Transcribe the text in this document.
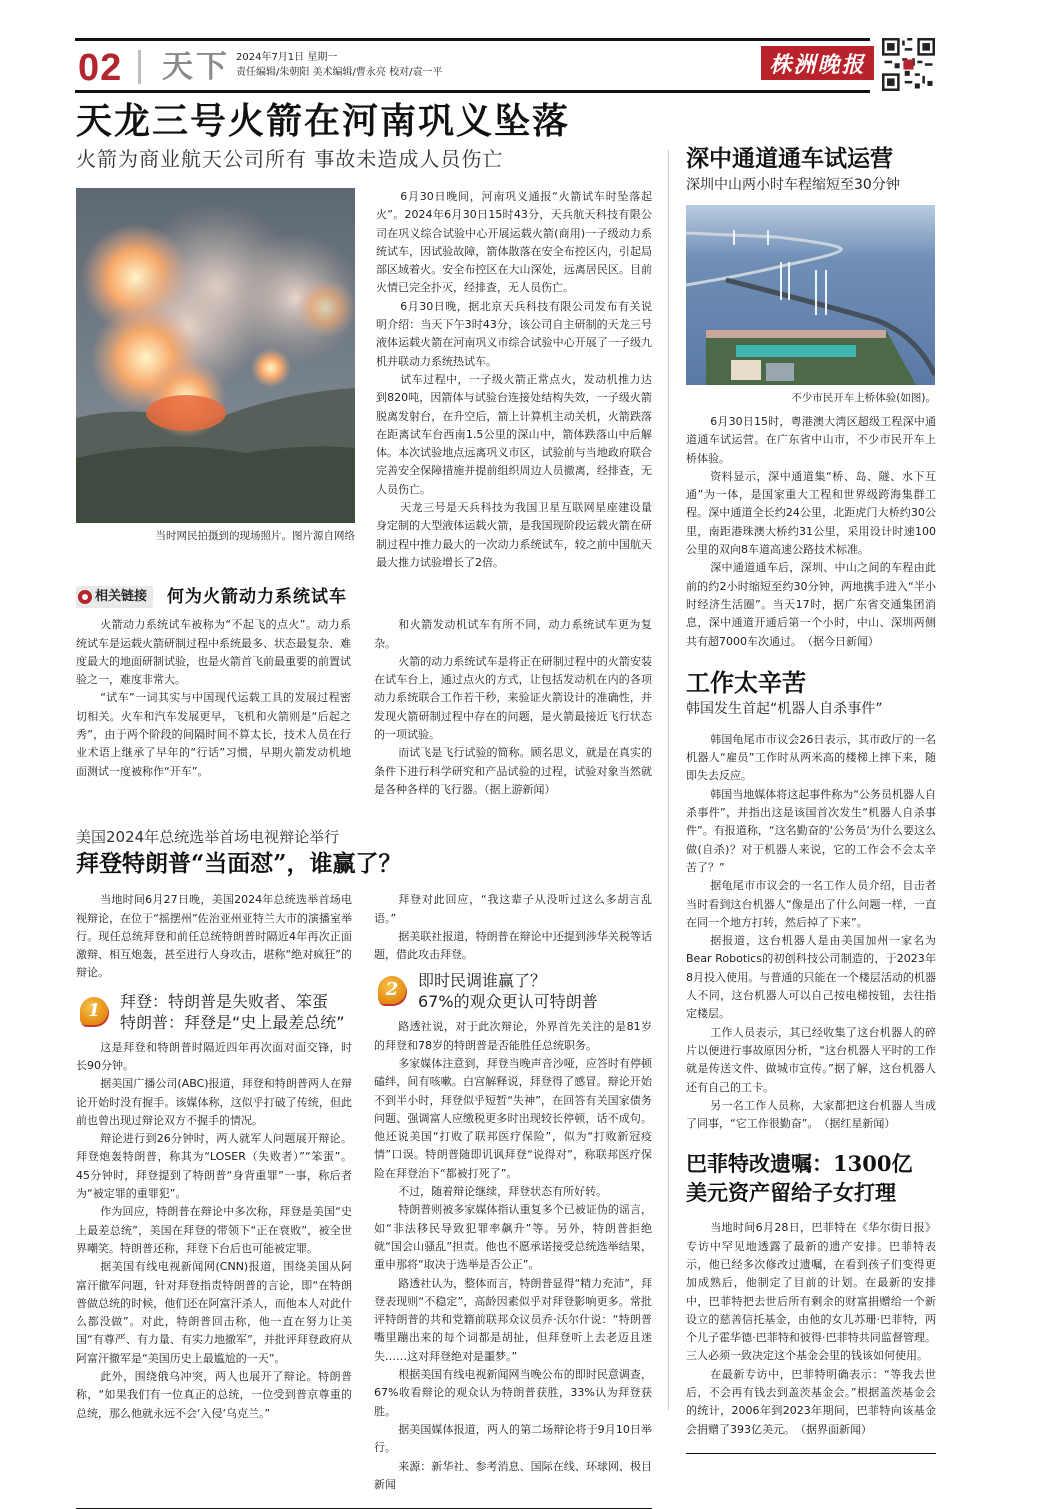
02 天下 2024年7月1日 星期一
责任编辑/朱朝阳 美术编辑/曹永亮 校对/袁一平	株洲晚报
天龙三号火箭在河南巩义坠落
火箭为商业航天公司所有 事故未造成人员伤亡
当时网民拍摄到的现场照片。图片源自网络

6月30日晚间，河南巩义通报“火箭试车时坠落起火”。2024年6月30日15时43分，天兵航天科技有限公司在巩义综合试验中心开展运载火箭(商用)一子级动力系统试车，因试验故障，箭体散落在安全布控区内，引起局部区域着火。安全布控区在大山深处，远离居民区。目前火情已完全扑灭，经排查，无人员伤亡。

6月30日晚，据北京天兵科技有限公司发布有关说明介绍：当天下午3时43分，该公司自主研制的天龙三号液体运载火箭在河南巩义市综合试验中心开展了一子级九机并联动力系统热试车。

试车过程中，一子级火箭正常点火，发动机推力达到820吨，因箭体与试验台连接处结构失效，一子级火箭脱离发射台，在升空后，箭上计算机主动关机，火箭跌落在距离试车台西南1.5公里的深山中，箭体跌落山中后解体。本次试验地点远离巩义市区，试验前与当地政府联合完善安全保障措施并提前组织周边人员撤离，经排查，无人员伤亡。

天龙三号是天兵科技为我国卫星互联网星座建设量身定制的大型液体运载火箭，是我国现阶段运载火箭在研制过程中推力最大的一次动力系统试车，较之前中国航天最大推力试验增长了2倍。

相关链接 何为火箭动力系统试车

火箭动力系统试车被称为“不起飞的点火”。动力系统试车是运载火箭研制过程中系统最多、状态最复杂、难度最大的地面研制试验，也是火箭首飞前最重要的前置试验之一，难度非常大。

“试车”一词其实与中国现代运载工具的发展过程密切相关。火车和汽车发展更早，飞机和火箭则是“后起之秀”，由于两个阶段的间隔时间不算太长，技术人员在行业术语上继承了早年的“行话”习惯，早期火箭发动机地面测试一度被称作“开车”。

和火箭发动机试车有所不同，动力系统试车更为复杂。

火箭的动力系统试车是将正在研制过程中的火箭安装在试车台上，通过点火的方式，让包括发动机在内的各项动力系统联合工作若干秒，来验证火箭设计的准确性，并发现火箭研制过程中存在的问题，是火箭最接近飞行状态的一项试验。

而试飞是飞行试验的简称。顾名思义，就是在真实的条件下进行科学研究和产品试验的过程，试验对象当然就是各种各样的飞行器。（据上游新闻）

美国2024年总统选举首场电视辩论举行
拜登特朗普“当面怼”，谁赢了？

当地时间6月27日晚，美国2024年总统选举首场电视辩论，在位于“摇摆州”佐治亚州亚特兰大市的演播室举行。现任总统拜登和前任总统特朗普时隔近4年再次正面激辩、相互炮轰，甚至进行人身攻击，堪称“绝对疯狂”的辩论。

1	拜登：特朗普是失败者、笨蛋
特朗普：拜登是“史上最差总统”

这是拜登和特朗普时隔近四年再次面对面交锋，时长90分钟。

据美国广播公司(ABC)报道，拜登和特朗普两人在辩论开始时没有握手。该媒体称，这似乎打破了传统，但此前也曾出现过辩论双方不握手的情况。

辩论进行到26分钟时，两人就军人问题展开辩论。拜登炮轰特朗普，称其为“LOSER（失败者）”“笨蛋”。45分钟时，拜登提到了特朗普“身背重罪”一事，称后者为“被定罪的重罪犯”。

作为回应，特朗普在辩论中多次称，拜登是美国“史上最差总统”，美国在拜登的带领下“正在衰败”，被全世界嘲笑。特朗普还称，拜登下台后也可能被定罪。

据美国有线电视新闻网(CNN)报道，围绕美国从阿富汗撤军问题，针对拜登指责特朗普的言论，即“在特朗普做总统的时候，他们还在阿富汗杀人，而他本人对此什么都没做”。对此，特朗普回击称，他一直在努力让美国“有尊严、有力量、有实力地撤军”，并批评拜登政府从阿富汗撤军是“美国历史上最尴尬的一天”。

此外，围绕俄乌冲突，两人也展开了辩论。特朗普称，“如果我们有一位真正的总统，一位受到普京尊重的总统，那么他就永远不会‘入侵’乌克兰。”

拜登对此回应，“我这辈子从没听过这么多胡言乱语。”

据美联社报道，特朗普在辩论中还提到涉华关税等话题，借此攻击拜登。

2	即时民调谁赢了？
67%的观众更认可特朗普

路透社说，对于此次辩论，外界首先关注的是81岁的拜登和78岁的特朗普是否能胜任总统职务。

多家媒体注意到，拜登当晚声音沙哑，应答时有停顿磕绊，间有咳嗽。白宫解释说，拜登得了感冒。辩论开始不到半小时，拜登似乎短暂“失神”，在回答有关国家债务问题、强调富人应缴税更多时出现较长停顿，话不成句。他还说美国“打败了联邦医疗保险”，似为“打败新冠疫情”口误。特朗普随即讥讽拜登“说得对”，称联邦医疗保险在拜登治下“都被打死了”。

不过，随着辩论继续，拜登状态有所好转。

特朗普则被多家媒体指认重复多个已被证伪的谣言，如“非法移民导致犯罪率飙升”等。另外，特朗普拒绝就“国会山骚乱”担责。他也不愿承诺接受总统选举结果，重申那将“取决于选举是否公正”。

路透社认为，整体而言，特朗普显得“精力充沛”，拜登表现则“不稳定”，高龄因素似乎对拜登影响更多。常批评特朗普的共和党籍前联邦众议员乔·沃尔什说：“特朗普嘴里蹦出来的每个词都是胡扯，但拜登听上去老迈且迷失……这对拜登绝对是噩梦。”

根据美国有线电视新闻网当晚公布的即时民意调查，67%收看辩论的观众认为特朗普获胜，33%认为拜登获胜。

据美国媒体报道，两人的第二场辩论将于9月10日举行。

来源：新华社、参考消息、国际在线、环球网、极目新闻

深中通道通车试运营
深圳中山两小时车程缩短至30分钟
不少市民开车上桥体验(如图)。

6月30日15时，粤港澳大湾区超级工程深中通道通车试运营。在广东省中山市，不少市民开车上桥体验。

资料显示，深中通道集“桥、岛、隧、水下互通”为一体，是国家重大工程和世界级跨海集群工程。深中通道全长约24公里，北距虎门大桥约30公里，南距港珠澳大桥约31公里，采用设计时速100公里的双向8车道高速公路技术标准。

深中通道通车后，深圳、中山之间的车程由此前的约2小时缩短至约30分钟，两地携手进入“半小时经济生活圈”。当天17时，据广东省交通集团消息，深中通道开通后第一个小时，中山、深圳两侧共有超7000车次通过。　（据今日新闻）

工作太辛苦
韩国发生首起“机器人自杀事件”

韩国龟尾市市议会26日表示，其市政厅的一名机器人“雇员”工作时从两米高的楼梯上摔下来，随即失去反应。

韩国当地媒体将这起事件称为“公务员机器人自杀事件”，并指出这是该国首次发生“机器人自杀事件”。有报道称，“这名勤奋的‘公务员’为什么要这么做(自杀)？对于机器人来说，它的工作会不会太辛苦了？”

据龟尾市市议会的一名工作人员介绍，目击者当时看到这台机器人“像是出了什么问题一样，一直在同一个地方打转，然后掉了下来”。

据报道，这台机器人是由美国加州一家名为Bear Robotics的初创科技公司制造的，于2023年8月投入使用。与普通的只能在一个楼层活动的机器人不同，这台机器人可以自己按电梯按钮，去往指定楼层。

工作人员表示，其已经收集了这台机器人的碎片以便进行事故原因分析，“这台机器人平时的工作就是传送文件、做城市宣传。”据了解，这台机器人还有自己的工卡。

另一名工作人员称，大家都把这台机器人当成了同事，“它工作很勤奋”。　（据红星新闻）

巴菲特改遗嘱：1300亿
美元资产留给子女打理

当地时间6月28日，巴菲特在《华尔街日报》专访中罕见地透露了最新的遗产安排。巴菲特表示，他已经多次修改过遗嘱，在看到孩子们变得更加成熟后，他制定了目前的计划。在最新的安排中，巴菲特把去世后所有剩余的财富捐赠给一个新设立的慈善信托基金，由他的女儿苏珊·巴菲特，两个儿子霍华德·巴菲特和彼得·巴菲特共同监督管理。三人必须一致决定这个基金会里的钱该如何使用。

在最新专访中，巴菲特明确表示：“等我去世后，不会再有钱去到盖茨基金会。”根据盖茨基金会的统计，2006年到2023年期间，巴菲特向该基金会捐赠了393亿美元。　（据界面新闻）
